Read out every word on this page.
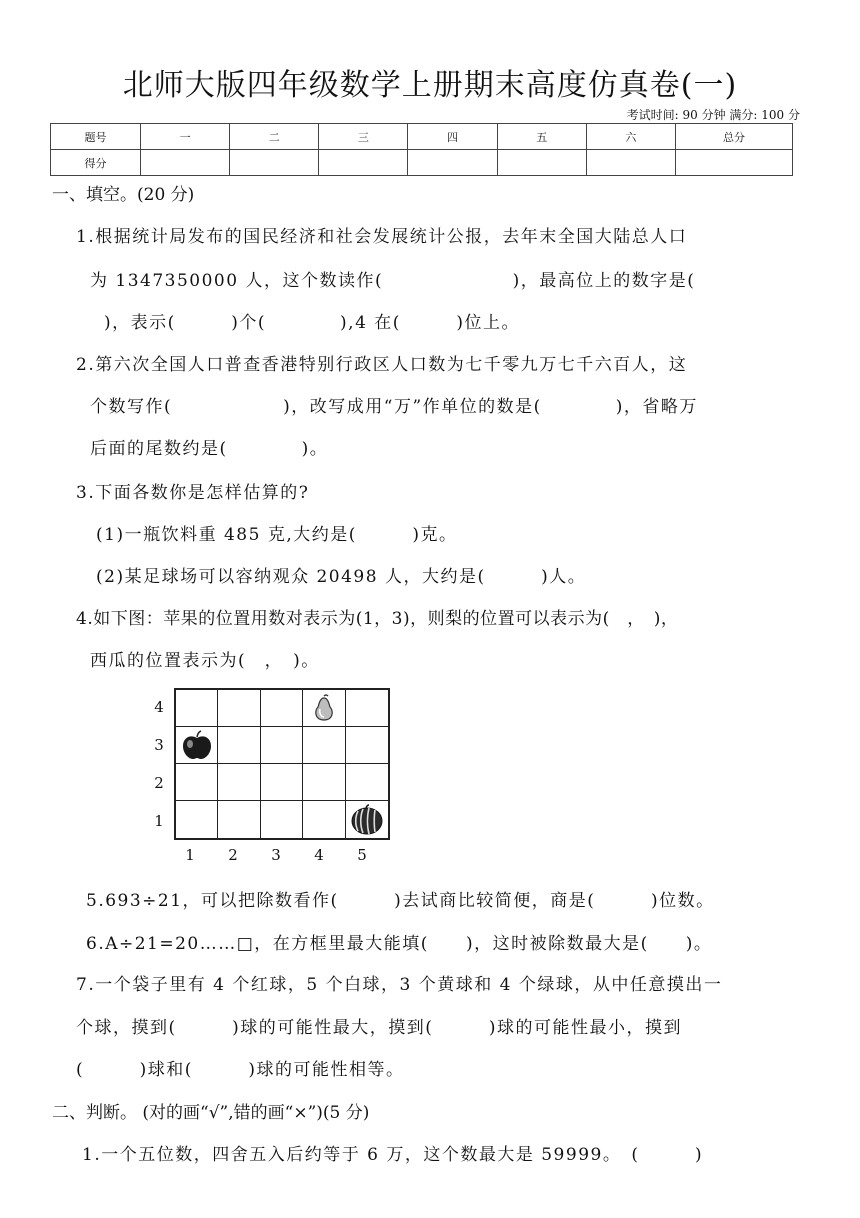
北师大版四年级数学上册期末高度仿真卷(一)
考试时间: 90 分钟 满分: 100 分
题号	一	二	三	四	五	六	总分
得分							
一、填空。(20 分)
1.根据统计局发布的国民经济和社会发展统计公报，去年末全国大陆总人口
为 1347350000 人，这个数读作(　　　　　　　)，最高位上的数字是(　
)，表示(　　　)个(　　　　),4 在(　　　)位上。
2.第六次全国人口普查香港特别行政区人口数为七千零九万七千六百人，这
个数写作(　　　　　　)，改写成用“万”作单位的数是(　　　　)，省略万
后面的尾数约是(　　　　)。
3.下面各数你是怎样估算的?
(1)一瓶饮料重 485 克,大约是(　　　)克。
(2)某足球场可以容纳观众 20498 人，大约是(　　　)人。
4.如下图：苹果的位置用数对表示为(1，3)，则梨的位置可以表示为(　，　)，
西瓜的位置表示为(　，　)。
4
3
2
1
1	2	3	4	5
5.693÷21，可以把除数看作(　　　)去试商比较简便，商是(　　　)位数。
6.A÷21=20……□，在方框里最大能填(　　)，这时被除数最大是(　　)。
7.一个袋子里有 4 个红球，5 个白球，3 个黄球和 4 个绿球，从中任意摸出一
个球，摸到(　　　)球的可能性最大，摸到(　　　)球的可能性最小，摸到
(　　　)球和(　　　)球的可能性相等。
二、判断。 (对的画“√”,错的画“×”)(5 分)
1.一个五位数，四舍五入后约等于 6 万，这个数最大是 59999。　(　　　)
